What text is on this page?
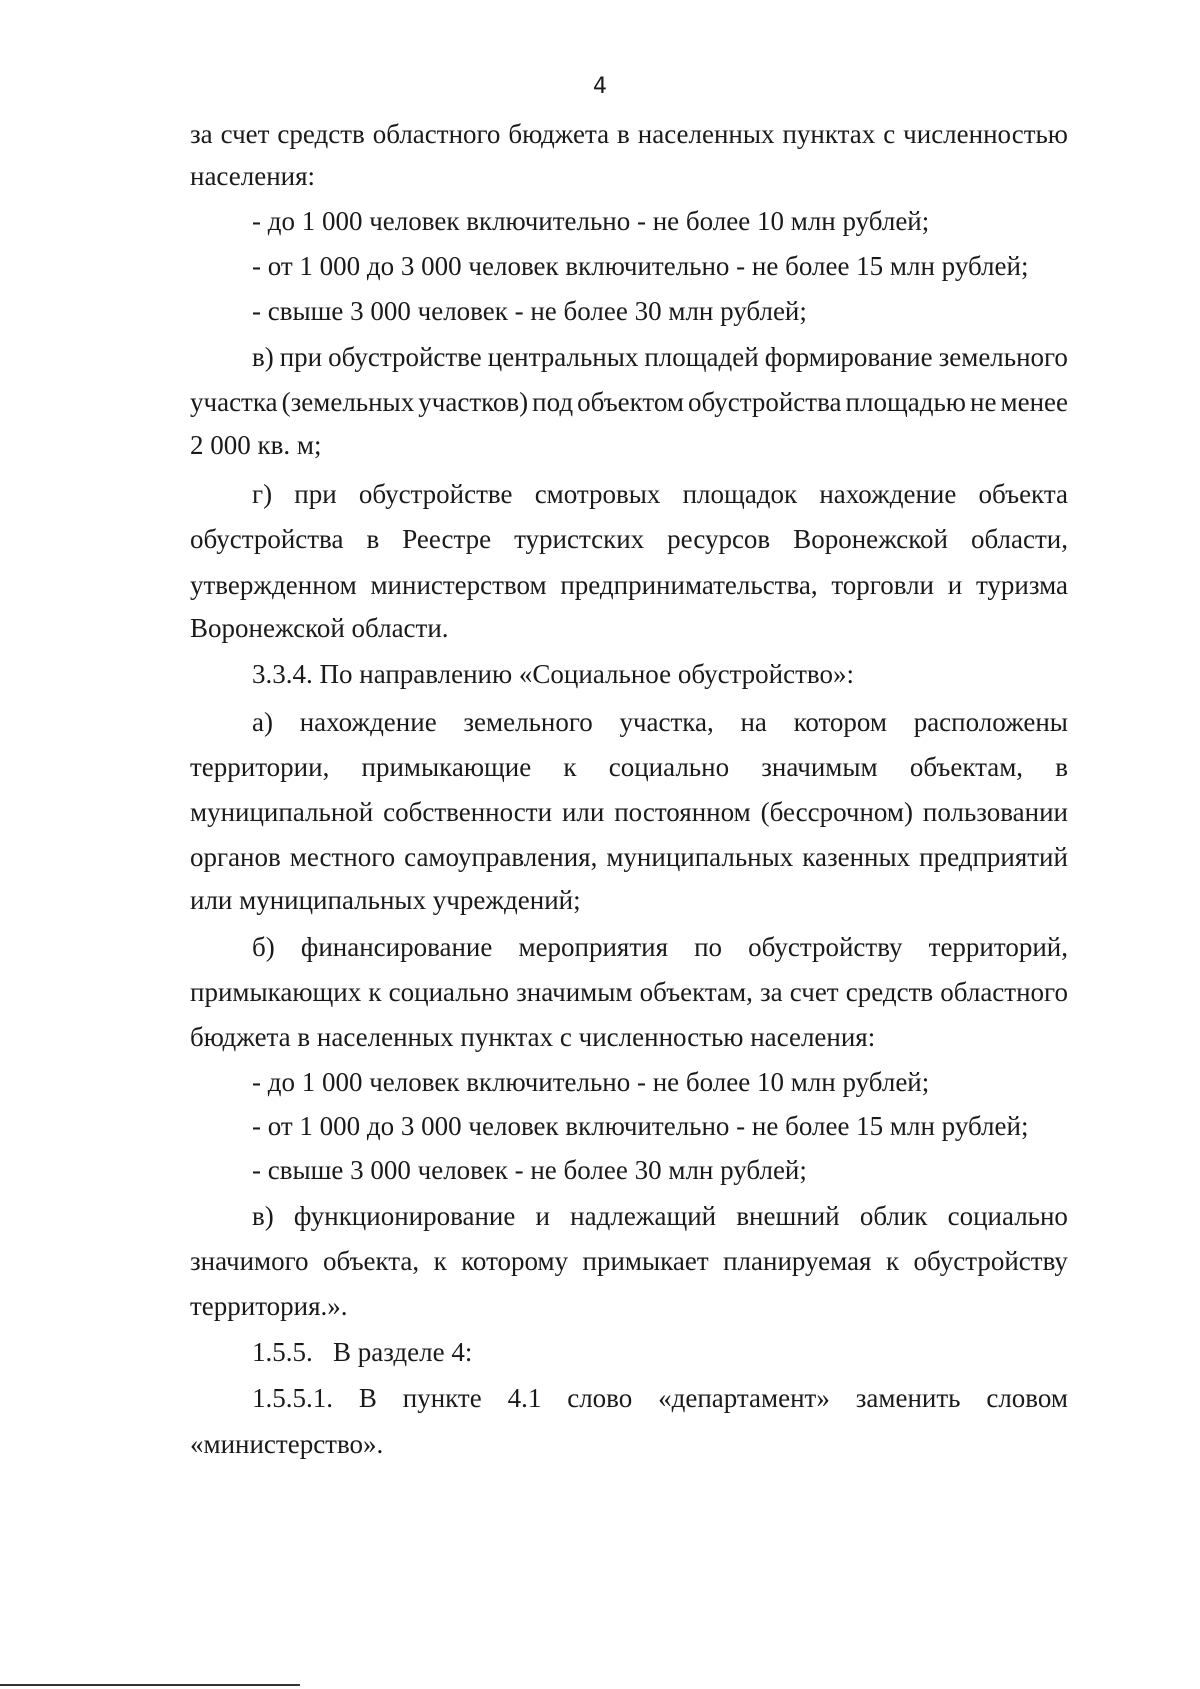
4
за счет средств областного бюджета в населенных пунктах с численностью
населения:
- до 1 000 человек включительно - не более 10 млн рублей;
- от 1 000 до 3 000 человек включительно - не более 15 млн рублей;
- свыше 3 000 человек - не более 30 млн рублей;
в) при обустройстве центральных площадей формирование земельного
участка (земельных участков) под объектом обустройства площадью не менее
2 000 кв. м;
г) при обустройстве смотровых площадок нахождение объекта
обустройства в Реестре туристских ресурсов Воронежской области,
утвержденном министерством предпринимательства, торговли и туризма
Воронежской области.
3.3.4. По направлению «Социальное обустройство»:
а) нахождение земельного участка, на котором расположены
территории, примыкающие к социально значимым объектам, в
муниципальной собственности или постоянном (бессрочном) пользовании
органов местного самоуправления, муниципальных казенных предприятий
или муниципальных учреждений;
б) финансирование мероприятия по обустройству территорий,
примыкающих к социально значимым объектам, за счет средств областного
бюджета в населенных пунктах с численностью населения:
- до 1 000 человек включительно - не более 10 млн рублей;
- от 1 000 до 3 000 человек включительно - не более 15 млн рублей;
- свыше 3 000 человек - не более 30 млн рублей;
в) функционирование и надлежащий внешний облик социально
значимого объекта, к которому примыкает планируемая к обустройству
территория.».
1.5.5.   В разделе 4:
1.5.5.1. В пункте 4.1 слово «департамент» заменить словом
«министерство».
